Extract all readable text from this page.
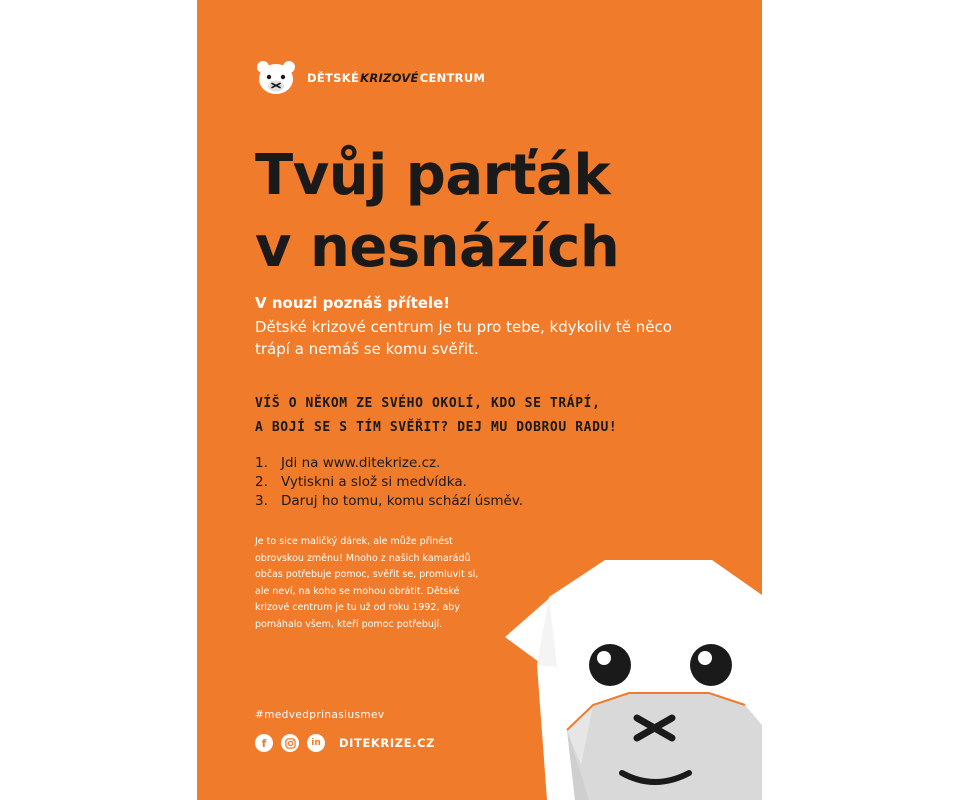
DĚTSKÉ KRIZOVÉ CENTRUM
Tvůj parťák
v nesnázích
V nouzi poznáš přítele!
Dětské krizové centrum je tu pro tebe, kdykoliv tě něco trápí a nemáš se komu svěřit.
VÍŠ O NĚKOM ZE SVÉHO OKOLÍ, KDO SE TRÁPÍ,
A BOJÍ SE S TÍM SVĚŘIT? DEJ MU DOBROU RADU!
1. Jdi na www.ditekrize.cz.
2. Vytiskni a slož si medvídka.
3. Daruj ho tomu, komu schází úsměv.
Je to sice maličký dárek, ale může přinést obrovskou změnu! Mnoho z našich kamarádů občas potřebuje pomoc, svěřit se, promluvit si, ale neví, na koho se mohou obrátit. Dětské krizové centrum je tu už od roku 1992, aby pomáhalo všem, kteří pomoc potřebují.
#medvedprinasiusmev
f	in	DITEKRIZE.CZ
